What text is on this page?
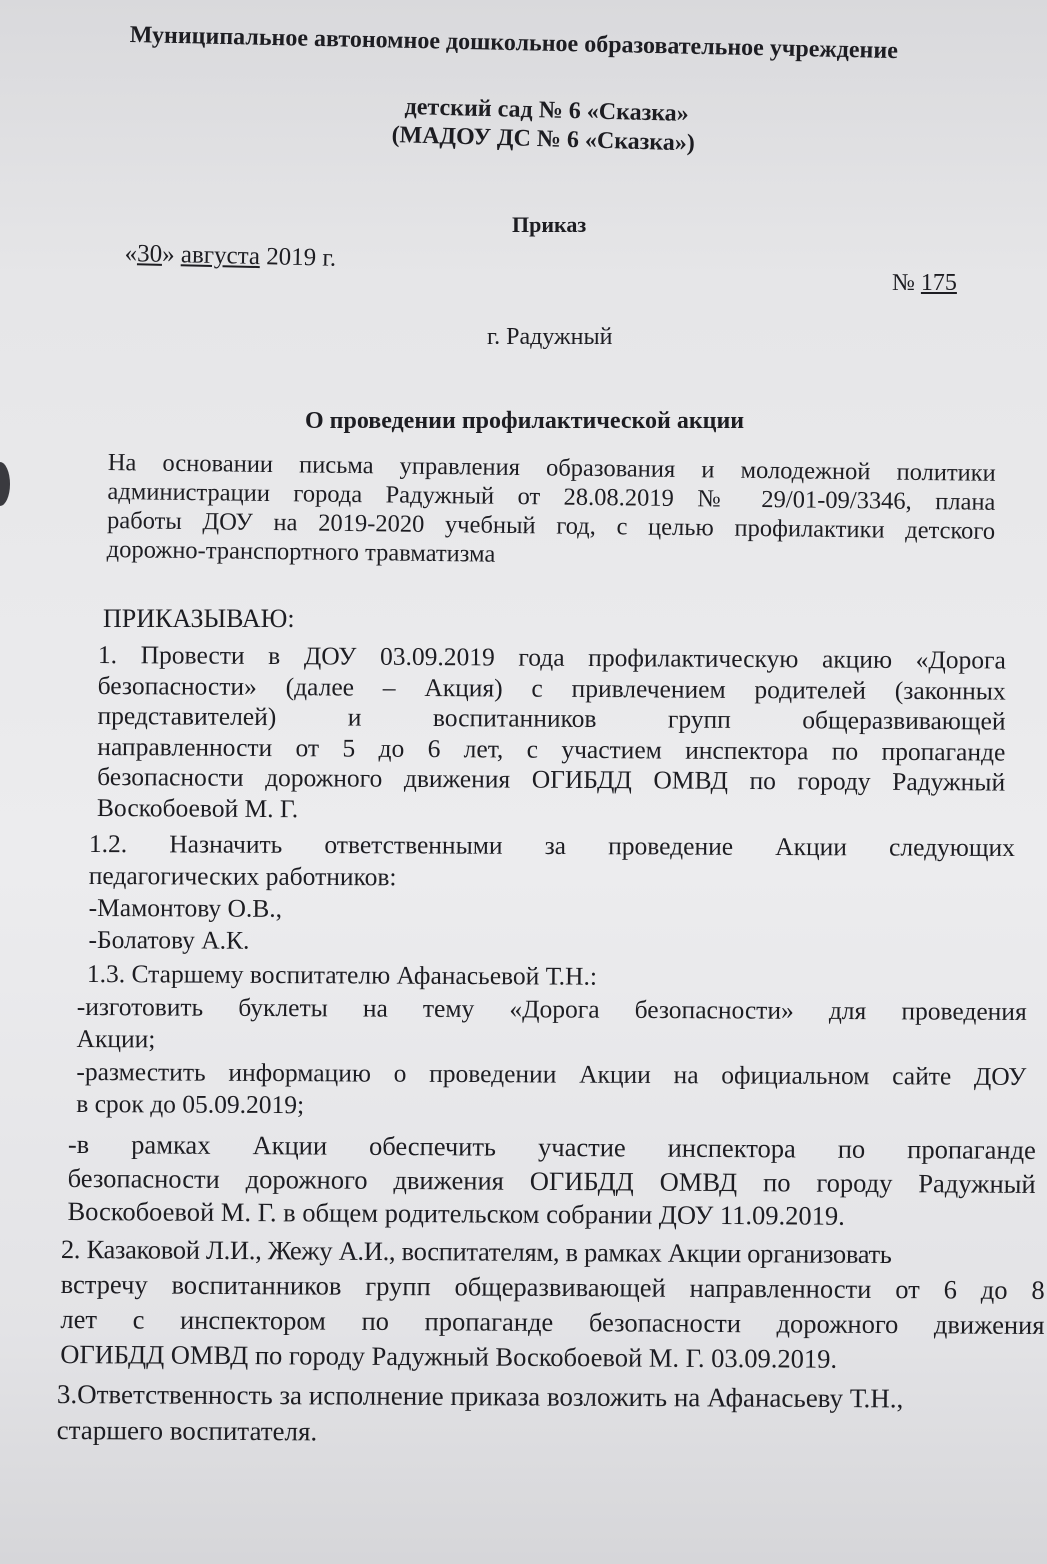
Муниципальное автономное дошкольное образовательное учреждение
детский сад № 6 «Сказка»
(МАДОУ ДС № 6 «Сказка»)
Приказ
«30» августа 2019 г.
№ 175
г. Радужный
О проведении профилактической акции

На основании письма управления образования и молодежной политики

администрации города Радужный от 28.08.2019 № 29/01-09/3346, плана

работы ДОУ на 2019-2020 учебный год, с целью профилактики детского

дорожно-транспортного травматизма

ПРИКАЗЫВАЮ:

1. Провести в ДОУ 03.09.2019 года профилактическую акцию «Дорога

безопасности» (далее – Акция) с привлечением родителей (законных

представителей) и воспитанников групп общеразвивающей

направленности от 5 до 6 лет, с участием инспектора по пропаганде

безопасности дорожного движения ОГИБДД ОМВД по городу Радужный

Воскобоевой М. Г.

1.2. Назначить ответственными за проведение Акции следующих

педагогических работников:

-Мамонтову О.В.,

-Болатову А.К.

1.3. Старшему воспитателю Афанасьевой Т.Н.:

-изготовить буклеты на тему «Дорога безопасности» для проведения

Акции;

-разместить информацию о проведении Акции на официальном сайте ДОУ

в срок до 05.09.2019;

-в рамках Акции обеспечить участие инспектора по пропаганде

безопасности дорожного движения ОГИБДД ОМВД по городу Радужный

Воскобоевой М. Г. в общем родительском собрании ДОУ 11.09.2019.

2. Казаковой Л.И., Жежу А.И., воспитателям, в рамках Акции организовать

встречу воспитанников групп общеразвивающей направленности от 6 до 8

лет с инспектором по пропаганде безопасности дорожного движения

ОГИБДД ОМВД по городу Радужный Воскобоевой М. Г. 03.09.2019.

3.Ответственность за исполнение приказа возложить на Афанасьеву Т.Н.,

старшего воспитателя.
